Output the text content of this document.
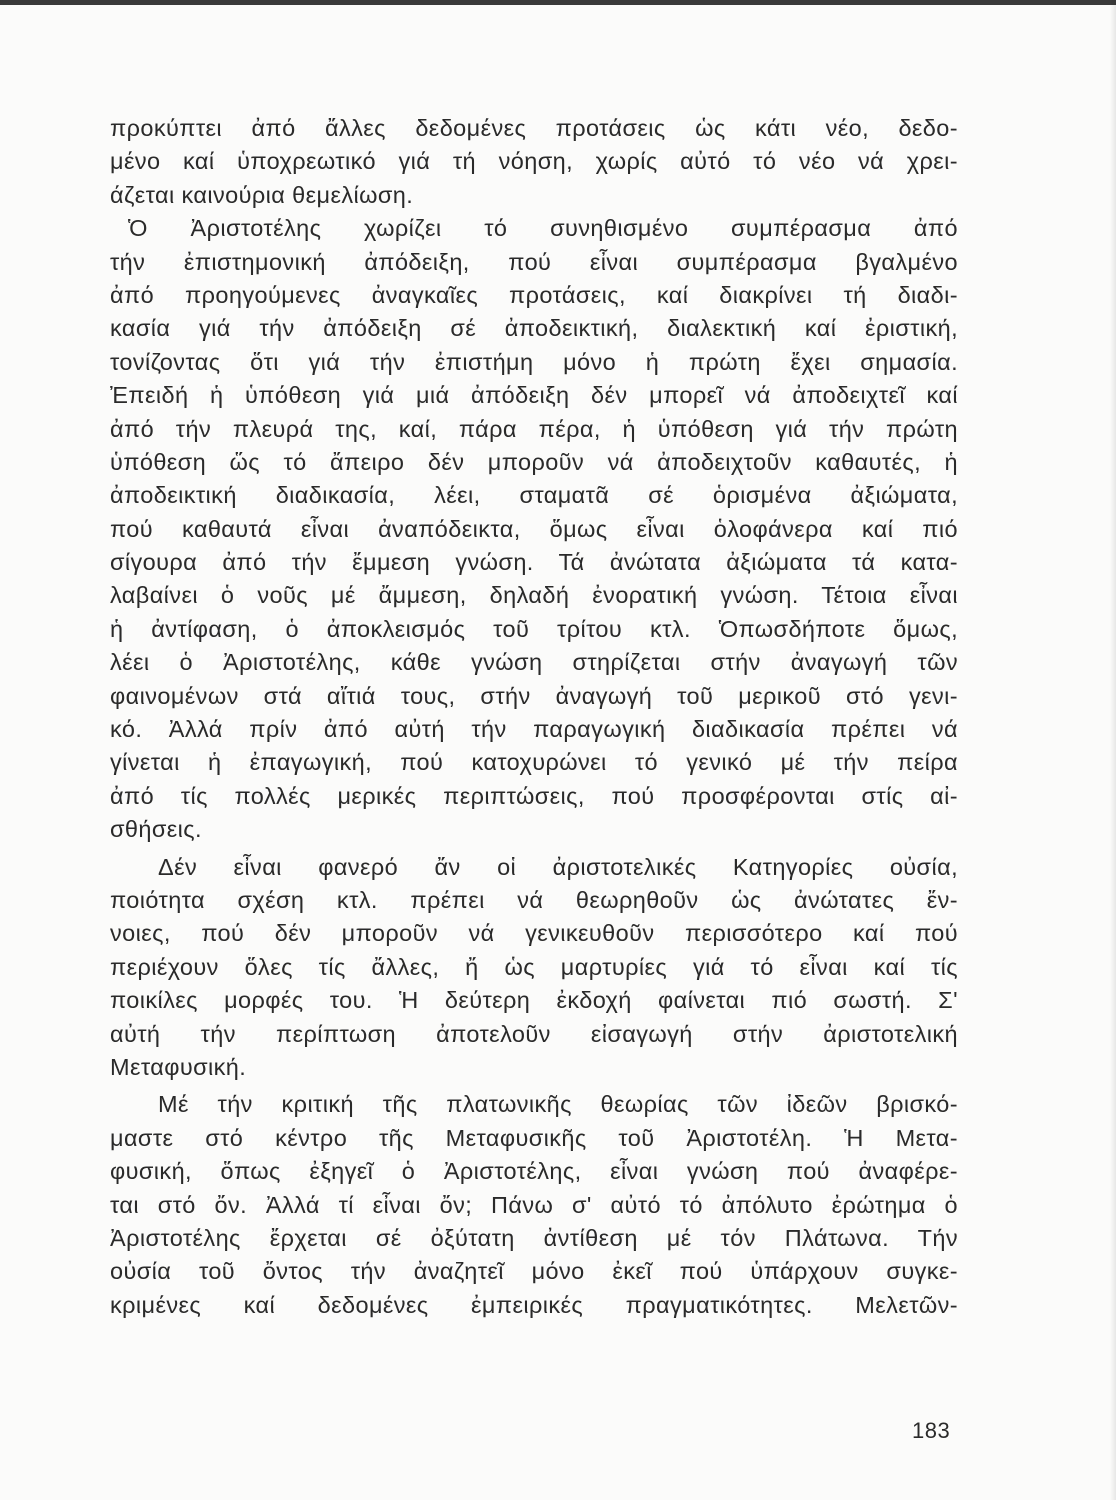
προκύπτει ἀπό ἄλλες δεδομένες προτάσεις ὡς κάτι νέο, δεδο-
μένο καί ὑποχρεωτικό γιά τή νόηση, χωρίς αὐτό τό νέο νά χρει-
άζεται καινούρια θεμελίωση.
Ὁ Ἀριστοτέλης χωρίζει τό συνηθισμένο συμπέρασμα ἀπό
τήν ἐπιστημονική ἀπόδειξη, πού εἶναι συμπέρασμα βγαλμένο
ἀπό προηγούμενες ἀναγκαῖες προτάσεις, καί διακρίνει τή διαδι-
κασία γιά τήν ἀπόδειξη σέ ἀποδεικτική, διαλεκτική καί ἐριστική,
τονίζοντας ὅτι γιά τήν ἐπιστήμη μόνο ἡ πρώτη ἔχει σημασία.
Ἐπειδή ἡ ὑπόθεση γιά μιά ἀπόδειξη δέν μπορεῖ νά ἀποδειχτεῖ καί
ἀπό τήν πλευρά της, καί, πάρα πέρα, ἡ ὑπόθεση γιά τήν πρώτη
ὑπόθεση ὥς τό ἄπειρο δέν μποροῦν νά ἀποδειχτοῦν καθαυτές, ἡ
ἀποδεικτική διαδικασία, λέει, σταματᾶ σέ ὁρισμένα ἀξιώματα,
πού καθαυτά εἶναι ἀναπόδεικτα, ὅμως εἶναι ὁλοφάνερα καί πιό
σίγουρα ἀπό τήν ἔμμεση γνώση. Τά ἀνώτατα ἀξιώματα τά κατα-
λαβαίνει ὁ νοῦς μέ ἄμμεση, δηλαδή ἐνορατική γνώση. Τέτοια εἶναι
ἡ ἀντίφαση, ὁ ἀποκλεισμός τοῦ τρίτου κτλ. Ὁπωσδήποτε ὅμως,
λέει ὁ Ἀριστοτέλης, κάθε γνώση στηρίζεται στήν ἀναγωγή τῶν
φαινομένων στά αἴτιά τους, στήν ἀναγωγή τοῦ μερικοῦ στό γενι-
κό. Ἀλλά πρίν ἀπό αὐτή τήν παραγωγική διαδικασία πρέπει νά
γίνεται ἡ ἐπαγωγική, πού κατοχυρώνει τό γενικό μέ τήν πείρα
ἀπό τίς πολλές μερικές περιπτώσεις, πού προσφέρονται στίς αἰ-
σθήσεις.
Δέν εἶναι φανερό ἄν οἱ ἀριστοτελικές Κατηγορίες οὐσία,
ποιότητα σχέση κτλ. πρέπει νά θεωρηθοῦν ὡς ἀνώτατες ἔν-
νοιες, πού δέν μποροῦν νά γενικευθοῦν περισσότερο καί πού
περιέχουν ὅλες τίς ἄλλες, ἤ ὡς μαρτυρίες γιά τό εἶναι καί τίς
ποικίλες μορφές του. Ἡ δεύτερη ἐκδοχή φαίνεται πιό σωστή. Σ'
αὐτή τήν περίπτωση ἀποτελοῦν εἰσαγωγή στήν ἀριστοτελική
Μεταφυσική.
Μέ τήν κριτική τῆς πλατωνικῆς θεωρίας τῶν ἰδεῶν βρισκό-
μαστε στό κέντρο τῆς Μεταφυσικῆς τοῦ Ἀριστοτέλη. Ἡ Μετα-
φυσική, ὅπως ἐξηγεῖ ὁ Ἀριστοτέλης, εἶναι γνώση πού ἀναφέρε-
ται στό ὄν. Ἀλλά τί εἶναι ὄν; Πάνω σ' αὐτό τό ἀπόλυτο ἐρώτημα ὁ
Ἀριστοτέλης ἔρχεται σέ ὀξύτατη ἀντίθεση μέ τόν Πλάτωνα. Τήν
οὐσία τοῦ ὄντος τήν ἀναζητεῖ μόνο ἐκεῖ πού ὑπάρχουν συγκε-
κριμένες καί δεδομένες ἐμπειρικές πραγματικότητες. Μελετῶν-
183
